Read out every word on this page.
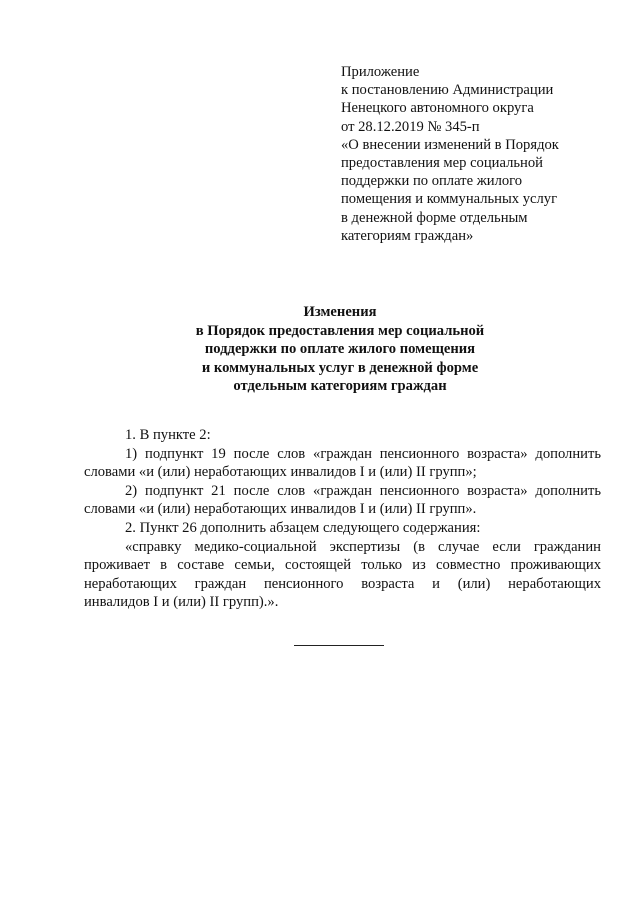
Приложение
к постановлению Администрации
Ненецкого автономного округа
от 28.12.2019 № 345-п
«О внесении изменений в Порядок
предоставления мер социальной
поддержки по оплате жилого
помещения и коммунальных услуг
в денежной форме отдельным
категориям граждан»
Изменения
в Порядок предоставления мер социальной
поддержки по оплате жилого помещения
и коммунальных услуг в денежной форме
отдельным категориям граждан
1. В пункте 2:
1) подпункт 19 после слов «граждан пенсионного возраста» дополнить
словами «и (или) неработающих инвалидов I и (или) II групп»;
2) подпункт 21 после слов «граждан пенсионного возраста» дополнить
словами «и (или) неработающих инвалидов I и (или) II групп».
2. Пункт 26 дополнить абзацем следующего содержания:
«справку медико-социальной экспертизы (в случае если гражданин
проживает в составе семьи, состоящей только из совместно проживающих
неработающих граждан пенсионного возраста и (или) неработающих
инвалидов I и (или) II групп).».
